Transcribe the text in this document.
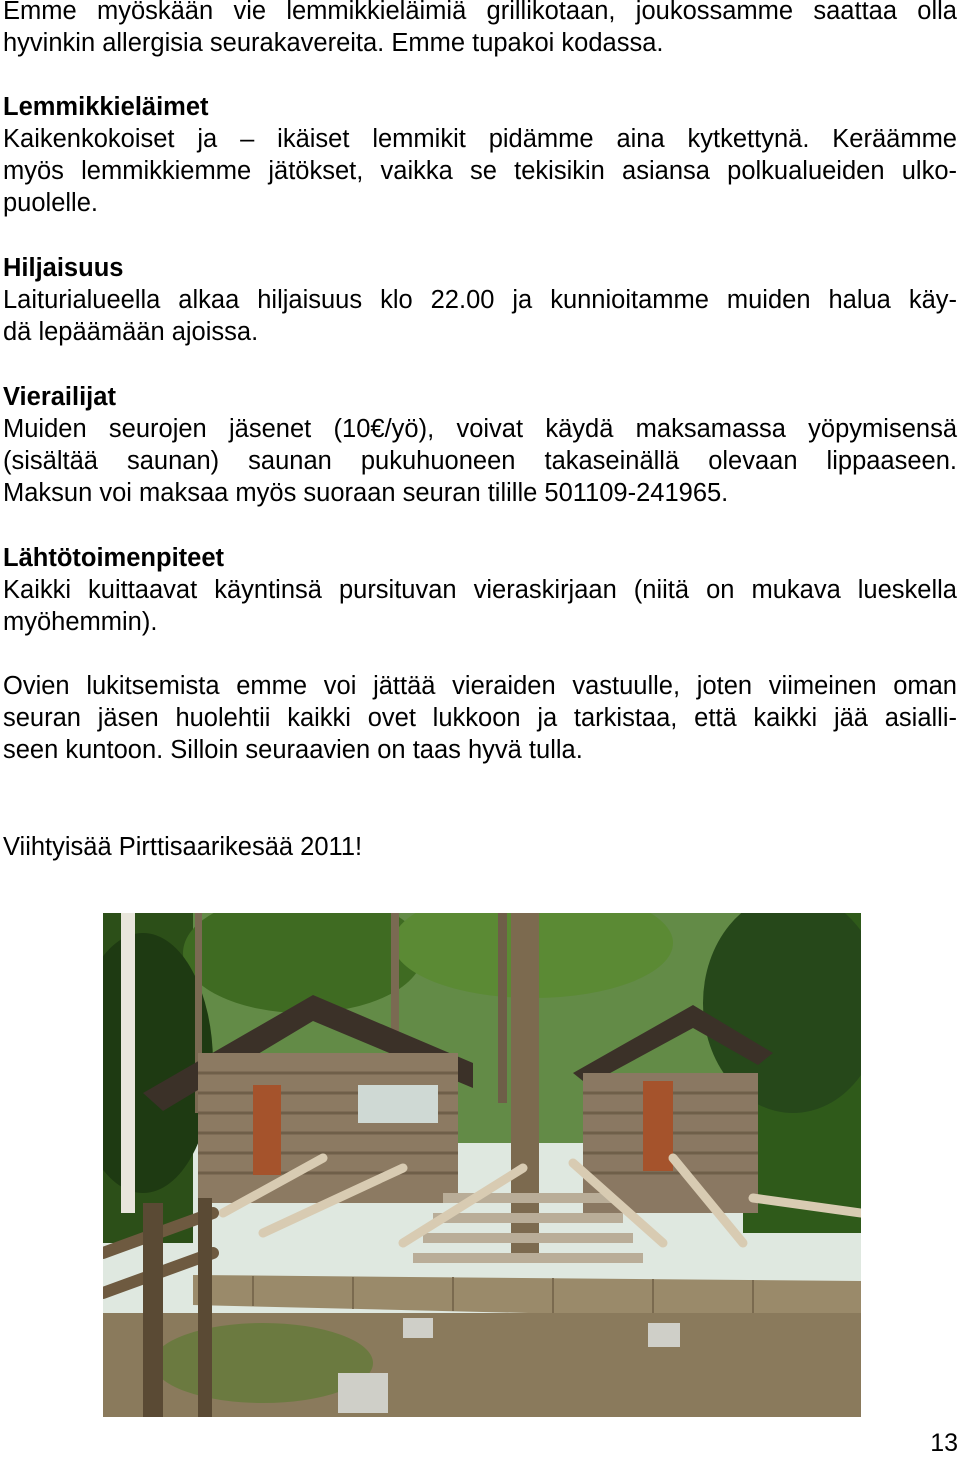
Emme myöskään vie lemmikkieläimiä grillikotaan, joukossamme saattaa olla
hyvinkin allergisia seurakavereita. Emme tupakoi kodassa.

Lemmikkieläimet
Kaikenkokoiset ja – ikäiset lemmikit pidämme aina kytkettynä. Keräämme
myös lemmikkiemme jätökset, vaikka se tekisikin asiansa polkualueiden ulko-
puolelle.

Hiljaisuus
Laiturialueella alkaa hiljaisuus klo 22.00 ja kunnioitamme muiden halua käy-
dä lepäämään ajoissa.

Vierailijat
Muiden seurojen jäsenet (10€/yö), voivat käydä maksamassa yöpymisensä
(sisältää saunan) saunan pukuhuoneen takaseinällä olevaan lippaaseen.
Maksun voi maksaa myös suoraan seuran tilille 501109-241965.

Lähtötoimenpiteet
Kaikki kuittaavat käyntinsä pursituvan vieraskirjaan (niitä on mukava lueskella
myöhemmin).

Ovien lukitsemista emme voi jättää vieraiden vastuulle, joten viimeinen oman
seuran jäsen huolehtii kaikki ovet lukkoon ja tarkistaa, että kaikki jää asialli-
seen kuntoon. Silloin seuraavien on taas hyvä tulla.

Viihtyisää Pirttisaarikesää 2011!

13
